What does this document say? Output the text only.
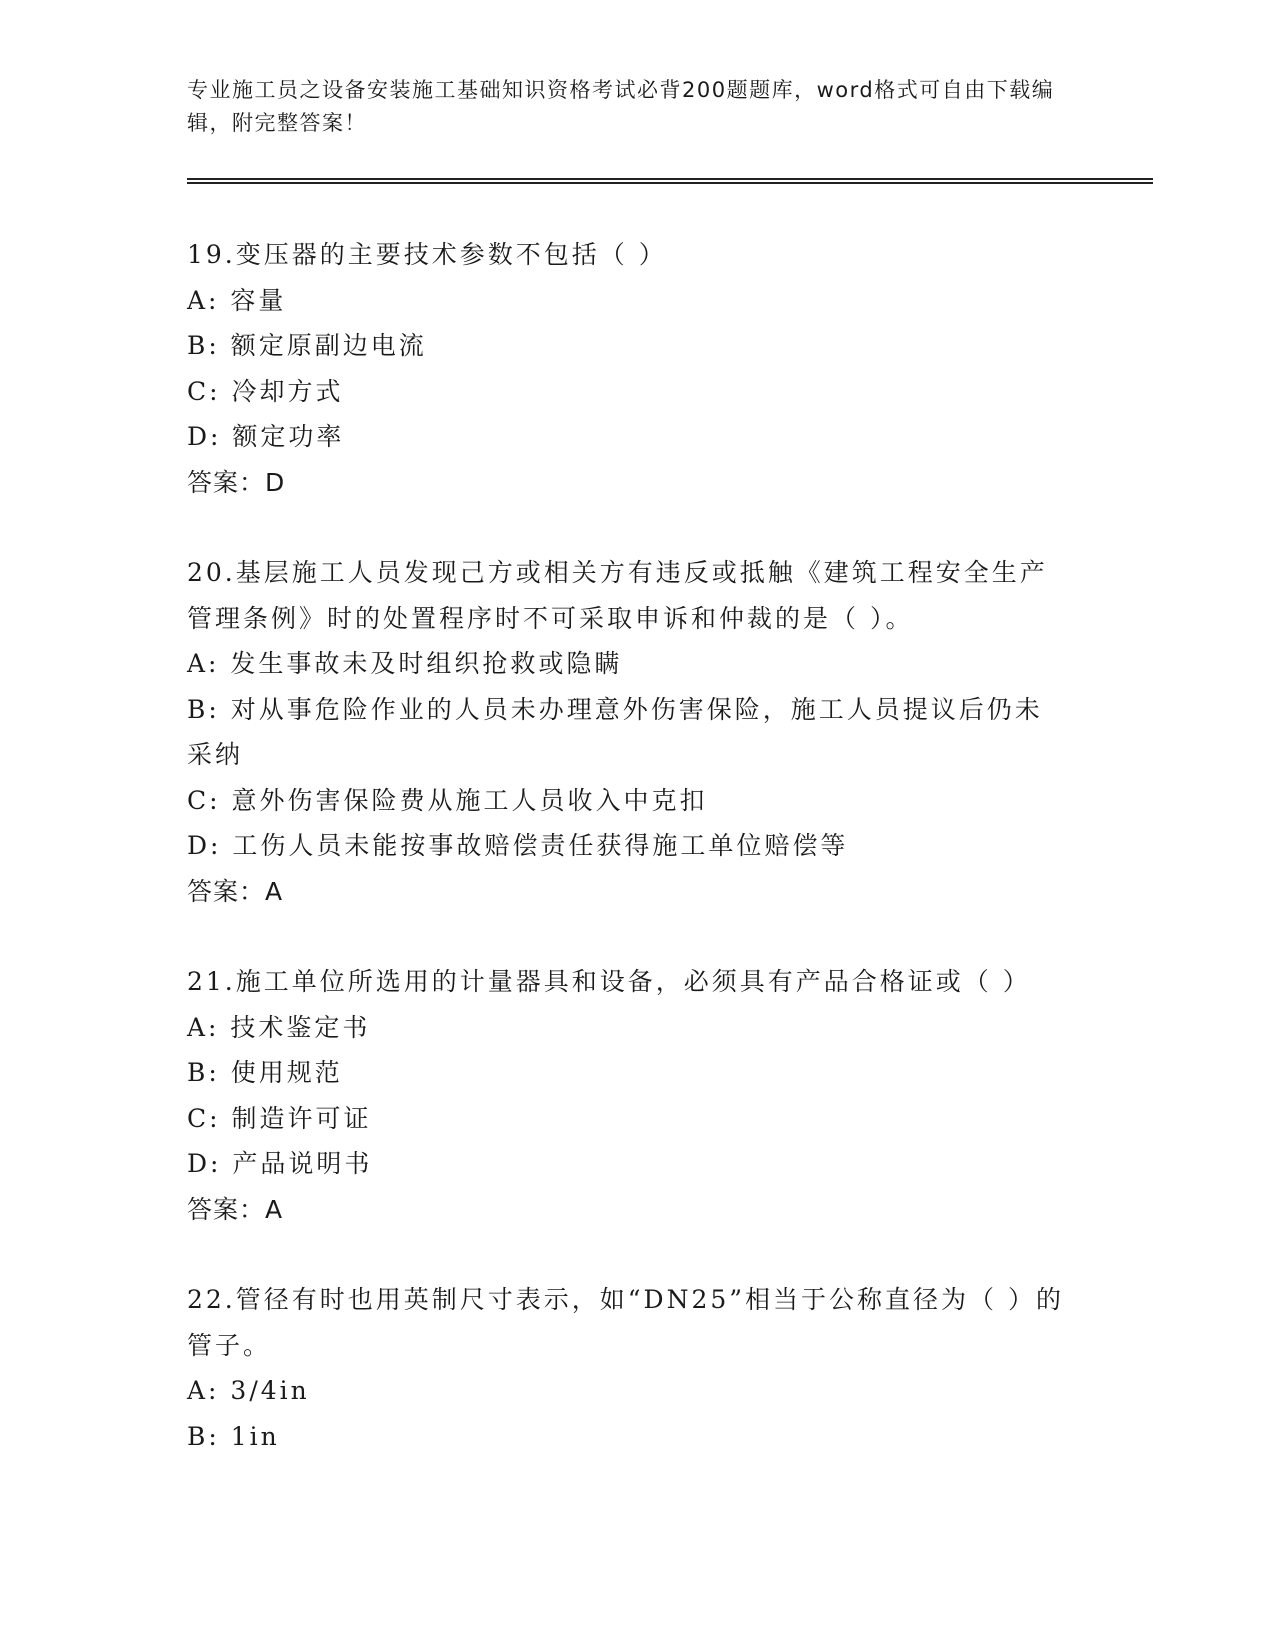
专业施工员之设备安装施工基础知识资格考试必背200题题库，word格式可自由下载编辑，附完整答案！
19.变压器的主要技术参数不包括（ ）
A: 容量
B: 额定原副边电流
C: 冷却方式
D: 额定功率
答案：D
20.基层施工人员发现己方或相关方有违反或抵触《建筑工程安全生产管理条例》时的处置程序时不可采取申诉和仲裁的是（ ）。
A: 发生事故未及时组织抢救或隐瞒
B: 对从事危险作业的人员未办理意外伤害保险，施工人员提议后仍未采纳
C: 意外伤害保险费从施工人员收入中克扣
D: 工伤人员未能按事故赔偿责任获得施工单位赔偿等
答案：A
21.施工单位所选用的计量器具和设备，必须具有产品合格证或（ ）
A: 技术鉴定书
B: 使用规范
C: 制造许可证
D: 产品说明书
答案：A
22.管径有时也用英制尺寸表示，如“DN25”相当于公称直径为（ ）的管子。
A: 3/4in
B: 1in
